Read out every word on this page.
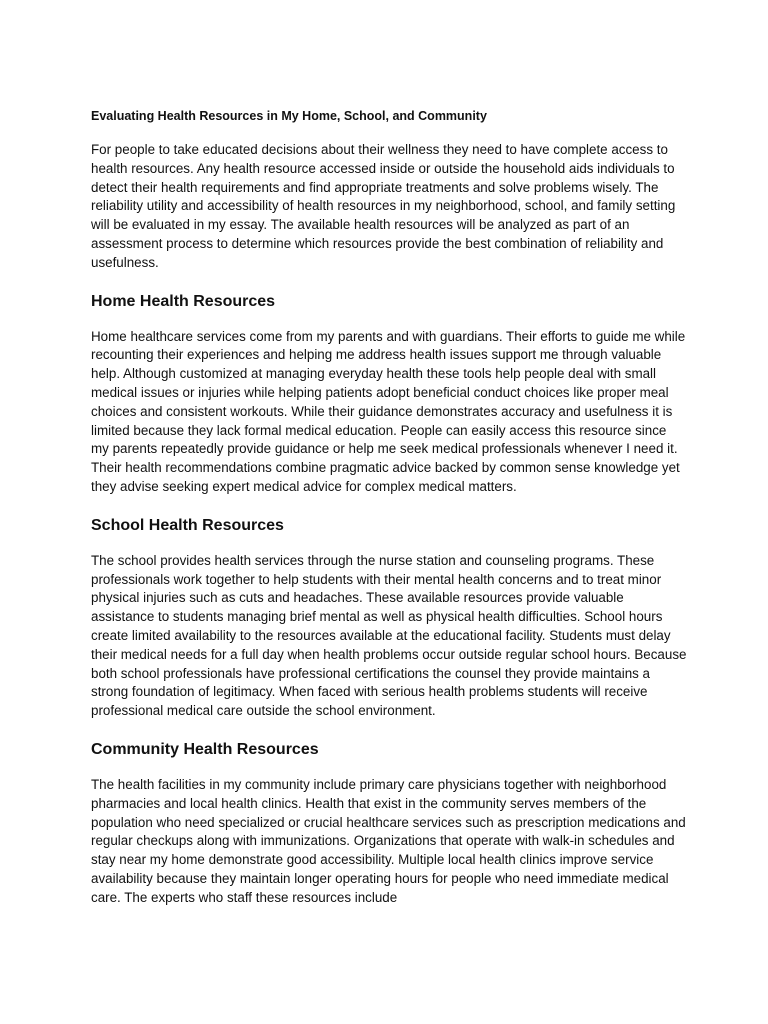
Evaluating Health Resources in My Home, School, and Community

For people to take educated decisions about their wellness they need to have complete access to health resources. Any health resource accessed inside or outside the household aids individuals to detect their health requirements and find appropriate treatments and solve problems wisely. The reliability utility and accessibility of health resources in my neighborhood, school, and family setting will be evaluated in my essay. The available health resources will be analyzed as part of an assessment process to determine which resources provide the best combination of reliability and usefulness.

Home Health Resources

Home healthcare services come from my parents and with guardians. Their efforts to guide me while recounting their experiences and helping me address health issues support me through valuable help. Although customized at managing everyday health these tools help people deal with small medical issues or injuries while helping patients adopt beneficial conduct choices like proper meal choices and consistent workouts. While their guidance demonstrates accuracy and usefulness it is limited because they lack formal medical education. People can easily access this resource since my parents repeatedly provide guidance or help me seek medical professionals whenever I need it. Their health recommendations combine pragmatic advice backed by common sense knowledge yet they advise seeking expert medical advice for complex medical matters.

School Health Resources

The school provides health services through the nurse station and counseling programs. These professionals work together to help students with their mental health concerns and to treat minor physical injuries such as cuts and headaches. These available resources provide valuable assistance to students managing brief mental as well as physical health difficulties. School hours create limited availability to the resources available at the educational facility. Students must delay their medical needs for a full day when health problems occur outside regular school hours. Because both school professionals have professional certifications the counsel they provide maintains a strong foundation of legitimacy. When faced with serious health problems students will receive professional medical care outside the school environment.

Community Health Resources

The health facilities in my community include primary care physicians together with neighborhood pharmacies and local health clinics. Health that exist in the community serves members of the population who need specialized or crucial healthcare services such as prescription medications and regular checkups along with immunizations. Organizations that operate with walk-in schedules and stay near my home demonstrate good accessibility. Multiple local health clinics improve service availability because they maintain longer operating hours for people who need immediate medical care. The experts who staff these resources include
